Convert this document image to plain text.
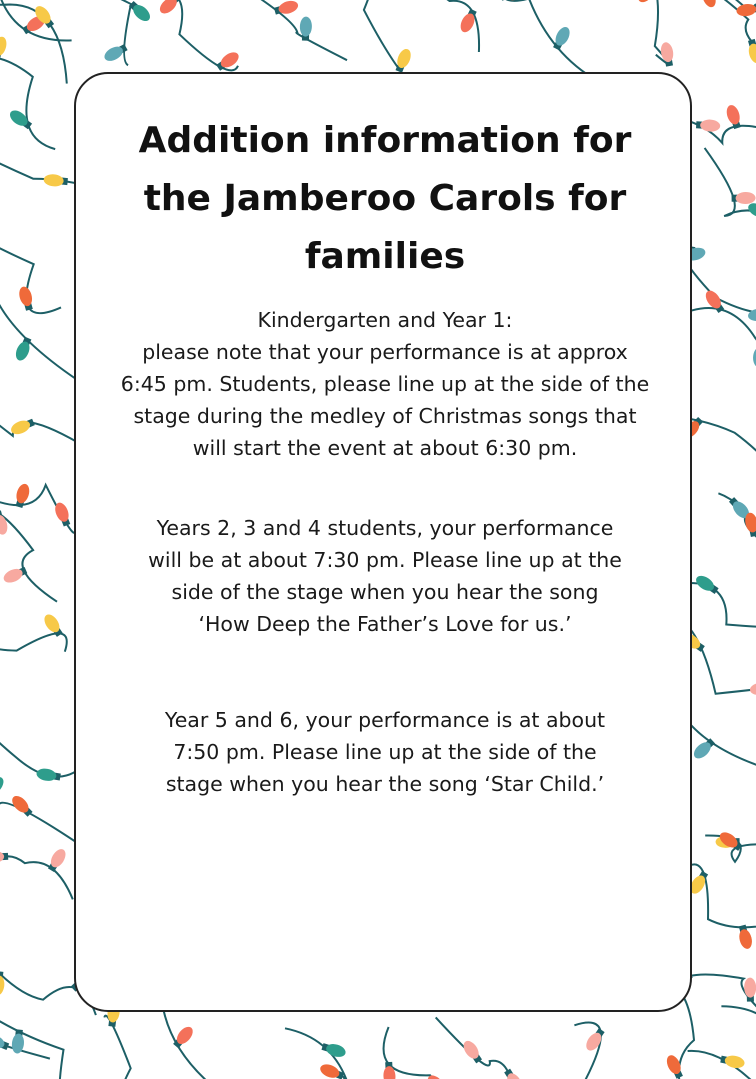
Addition information for
the Jamberoo Carols for
families

Kindergarten and Year 1:
please note that your performance is at approx
6:45 pm. Students, please line up at the side of the
stage during the medley of Christmas songs that
will start the event at about 6:30 pm.

Years 2, 3 and 4 students, your performance
will be at about 7:30 pm. Please line up at the
side of the stage when you hear the song
‘How Deep the Father’s Love for us.’

Year 5 and 6, your performance is at about
7:50 pm. Please line up at the side of the
stage when you hear the song ‘Star Child.’
